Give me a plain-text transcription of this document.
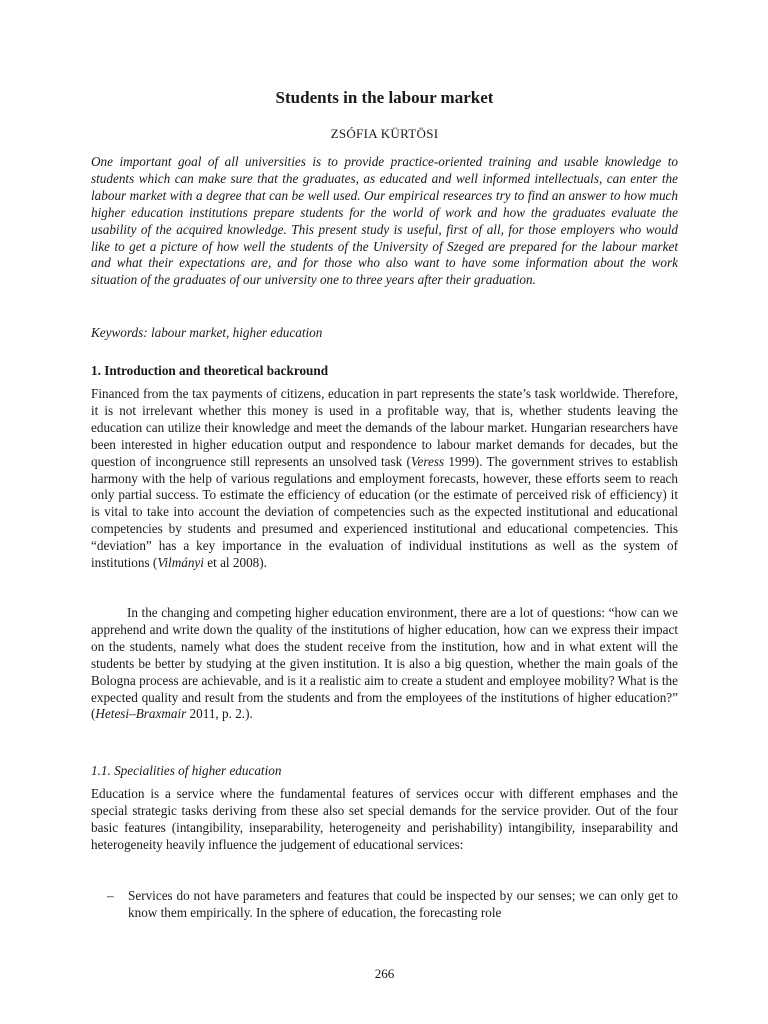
Students in the labour market
ZSÓFIA KÜRTÖSI
One important goal of all universities is to provide practice-oriented training and usable knowledge to students which can make sure that the graduates, as educated and well informed intellectuals, can enter the labour market with a degree that can be well used. Our empirical researces try to find an answer to how much higher education institutions prepare students for the world of work and how the graduates evaluate the usability of the acquired knowledge. This present study is useful, first of all, for those employers who would like to get a picture of how well the students of the University of Szeged are prepared for the labour market and what their expectations are, and for those who also want to have some information about the work situation of the graduates of our university one to three years after their graduation.
Keywords: labour market, higher education
1. Introduction and theoretical backround
Financed from the tax payments of citizens, education in part represents the state’s task worldwide. Therefore, it is not irrelevant whether this money is used in a profitable way, that is, whether students leaving the education can utilize their knowledge and meet the demands of the labour market. Hungarian researchers have been interested in higher education output and respondence to labour market demands for decades, but the question of incongruence still represents an unsolved task (Veress 1999). The government strives to establish harmony with the help of various regulations and employment forecasts, however, these efforts seem to reach only partial success. To estimate the efficiency of education (or the estimate of perceived risk of efficiency) it is vital to take into account the deviation of competencies such as the expected institutional and educational competencies by students and presumed and experienced institutional and educational competencies. This “deviation” has a key importance in the evaluation of individual institutions as well as the system of institutions (Vilmányi et al 2008).
In the changing and competing higher education environment, there are a lot of questions: “how can we apprehend and write down the quality of the institutions of higher education, how can we express their impact on the students, namely what does the student receive from the institution, how and in what extent will the students be better by studying at the given institution. It is also a big question, whether the main goals of the Bologna process are achievable, and is it a realistic aim to create a student and employee mobility? What is the expected quality and result from the students and from the employees of the institutions of higher education?” (Hetesi–Braxmair 2011, p. 2.).
1.1. Specialities of higher education
Education is a service where the fundamental features of services occur with different emphases and the special strategic tasks deriving from these also set special demands for the service provider. Out of the four basic features (intangibility, inseparability, heterogeneity and perishability) intangibility, inseparability and heterogeneity heavily influence the judgement of educational services:
– Services do not have parameters and features that could be inspected by our senses; we can only get to know them empirically. In the sphere of education, the forecasting role
266
